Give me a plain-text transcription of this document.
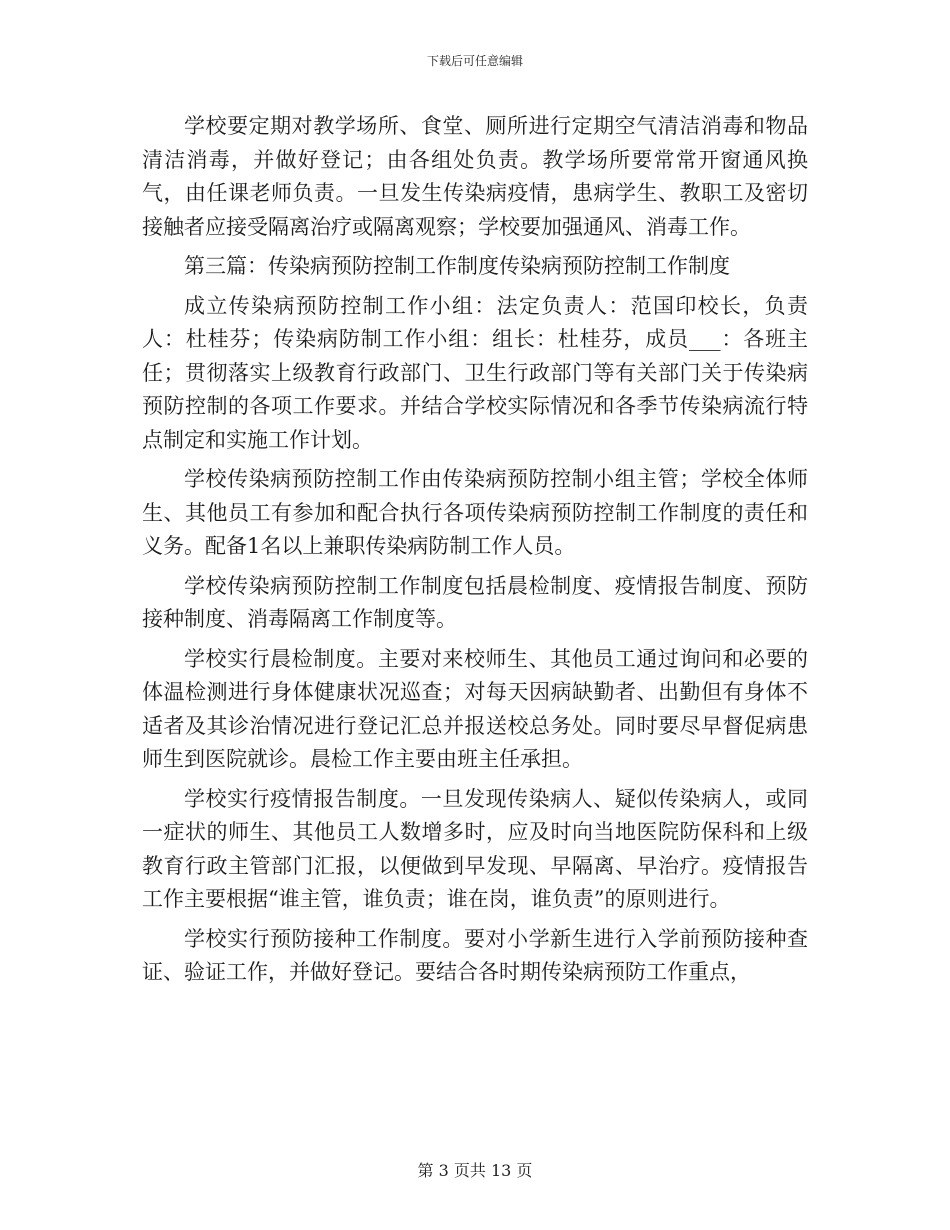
下载后可任意编辑

学校要定期对教学场所、食堂、厕所进行定期空气清洁消毒和物品清洁消毒，并做好登记；由各组处负责。教学场所要常常开窗通风换气，由任课老师负责。一旦发生传染病疫情，患病学生、教职工及密切接触者应接受隔离治疗或隔离观察；学校要加强通风、消毒工作。

第三篇：传染病预防控制工作制度传染病预防控制工作制度

成立传染病预防控制工作小组：法定负责人：范国印校长，负责人：杜桂芬；传染病防制工作小组：组长：杜桂芬，成员___：各班主任；贯彻落实上级教育行政部门、卫生行政部门等有关部门关于传染病预防控制的各项工作要求。并结合学校实际情况和各季节传染病流行特点制定和实施工作计划。

学校传染病预防控制工作由传染病预防控制小组主管；学校全体师生、其他员工有参加和配合执行各项传染病预防控制工作制度的责任和义务。配备1名以上兼职传染病防制工作人员。

学校传染病预防控制工作制度包括晨检制度、疫情报告制度、预防接种制度、消毒隔离工作制度等。

学校实行晨检制度。主要对来校师生、其他员工通过询问和必要的体温检测进行身体健康状况巡查；对每天因病缺勤者、出勤但有身体不适者及其诊治情况进行登记汇总并报送校总务处。同时要尽早督促病患师生到医院就诊。晨检工作主要由班主任承担。

学校实行疫情报告制度。一旦发现传染病人、疑似传染病人，或同一症状的师生、其他员工人数增多时，应及时向当地医院防保科和上级教育行政主管部门汇报，以便做到早发现、早隔离、早治疗。疫情报告工作主要根据“谁主管，谁负责；谁在岗，谁负责”的原则进行。

学校实行预防接种工作制度。要对小学新生进行入学前预防接种查证、验证工作，并做好登记。要结合各时期传染病预防工作重点，

第 3 页共 13 页
